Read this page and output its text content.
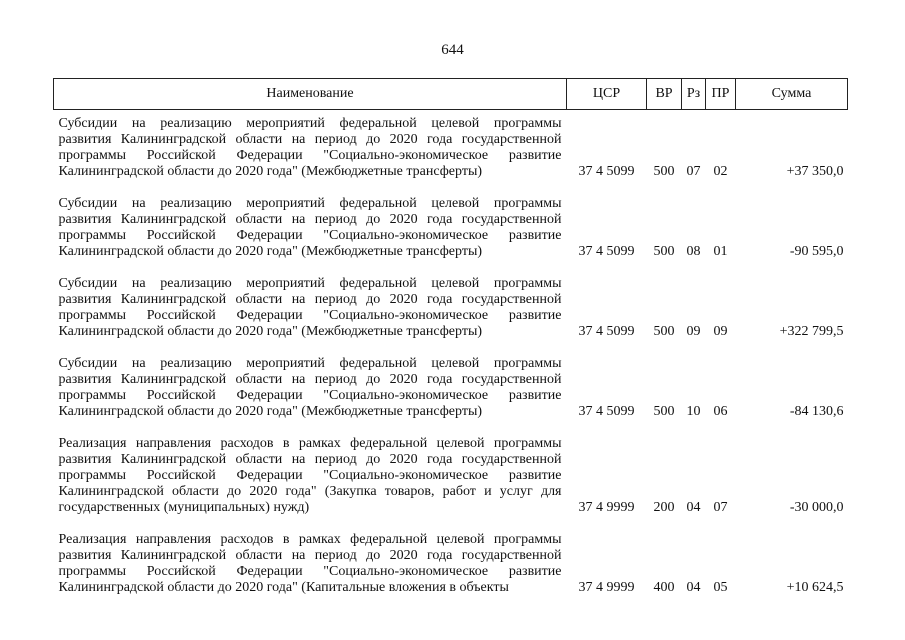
644
Наименование	ЦСР	ВР	Рз	ПР	Сумма

Субсидии на реализацию мероприятий федеральной целевой программы
развития Калининградской области на период до 2020 года государственной
программы Российской Федерации "Социально-экономическое развитие
Калининградской области до 2020 года" (Межбюджетные трансферты)	37 4 5099	500	07	02	+37 350,0

Субсидии на реализацию мероприятий федеральной целевой программы
развития Калининградской области на период до 2020 года государственной
программы Российской Федерации "Социально-экономическое развитие
Калининградской области до 2020 года" (Межбюджетные трансферты)	37 4 5099	500	08	01	-90 595,0

Субсидии на реализацию мероприятий федеральной целевой программы
развития Калининградской области на период до 2020 года государственной
программы Российской Федерации "Социально-экономическое развитие
Калининградской области до 2020 года" (Межбюджетные трансферты)	37 4 5099	500	09	09	+322 799,5

Субсидии на реализацию мероприятий федеральной целевой программы
развития Калининградской области на период до 2020 года государственной
программы Российской Федерации "Социально-экономическое развитие
Калининградской области до 2020 года" (Межбюджетные трансферты)	37 4 5099	500	10	06	-84 130,6

Реализация направления расходов в рамках федеральной целевой программы
развития Калининградской области на период до 2020 года государственной
программы Российской Федерации "Социально-экономическое развитие
Калининградской области до 2020 года" (Закупка товаров, работ и услуг для
государственных (муниципальных) нужд)	37 4 9999	200	04	07	-30 000,0

Реализация направления расходов в рамках федеральной целевой программы
развития Калининградской области на период до 2020 года государственной
программы Российской Федерации "Социально-экономическое развитие
Калининградской области до 2020 года" (Капитальные вложения в объекты	37 4 9999	400	04	05	+10 624,5
